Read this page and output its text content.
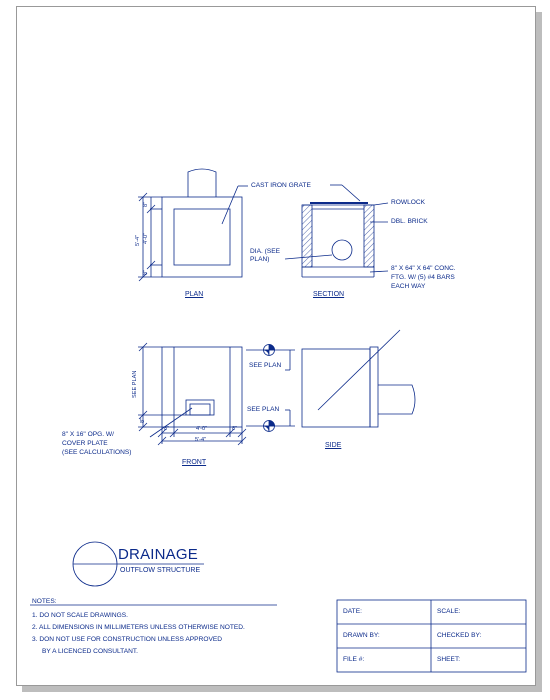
CAST IRON GRATE
PLAN
5'-4" 4'-0"
8"
8"
ROWLOCK
DBL. BRICK
DIA. (SEE
PLAN)
8" X 64" X 64" CONC.
FTG. W/ (5) #4 BARS
EACH WAY
SECTION
SEE PLAN
8"
8"	4'-0"	8"
5'-4"
8" X 16" OPG. W/
COVER PLATE
(SEE CALCULATIONS)
FRONT
SEE PLAN
SEE PLAN
SIDE
DRAINAGE
OUTFLOW STRUCTURE
NOTES:
1. DO NOT SCALE DRAWINGS.
2. ALL DIMENSIONS IN MILLIMETERS UNLESS OTHERWISE NOTED.
3. DON NOT USE FOR CONSTRUCTION UNLESS APPROVED
BY A LICENCED CONSULTANT.
DATE:	SCALE:
DRAWN BY:	CHECKED BY:
FILE #:	SHEET:
